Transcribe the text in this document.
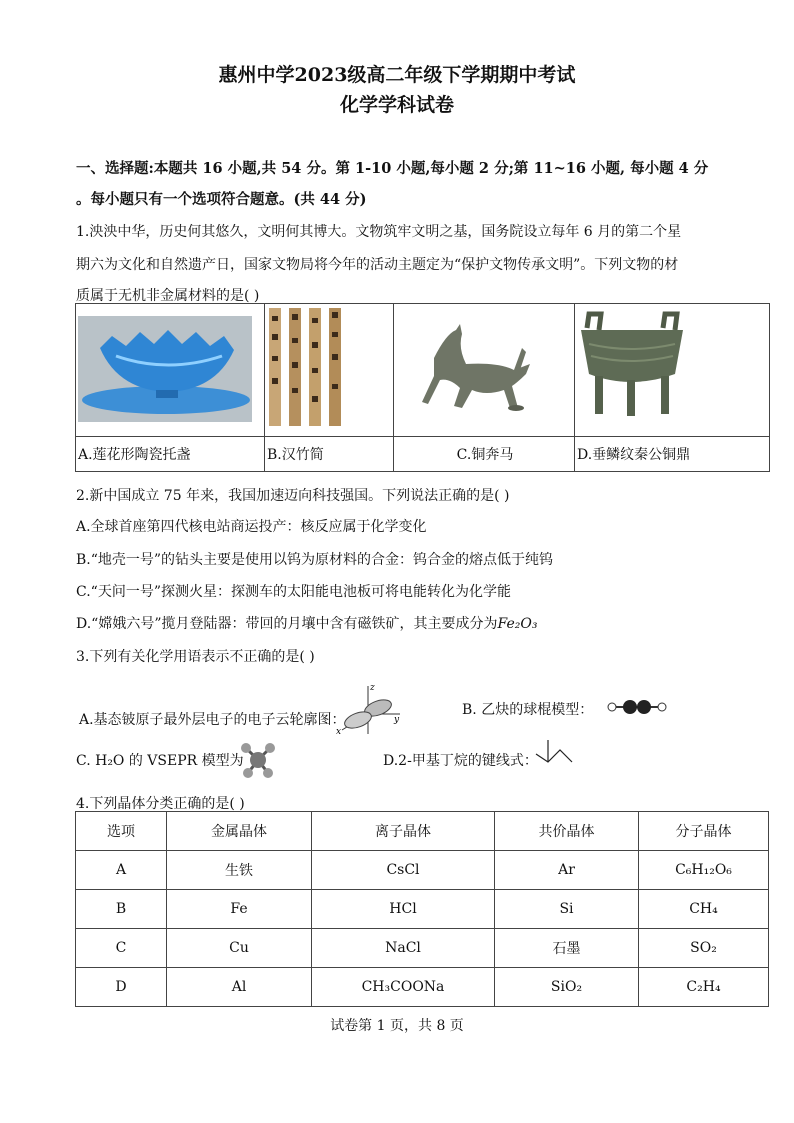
惠州中学2023级高二年级下学期期中考试
化学学科试卷
一、选择题:本题共 16 小题,共 54 分。第 1-10 小题,每小题 2 分;第 11~16 小题, 每小题 4 分
。每小题只有一个选项符合题意。(共 44 分)
1.泱泱中华，历史何其悠久，文明何其博大。文物筑牢文明之基，国务院设立每年 6 月的第二个星
期六为文化和自然遗产日，国家文物局将今年的活动主题定为“保护文物传承文明”。下列文物的材
质属于无机非金属材料的是( )

A.莲花形陶瓷托盏	B.汉竹简	C.铜奔马	D.垂鳞纹秦公铜鼎
2.新中国成立 75 年来，我国加速迈向科技强国。下列说法正确的是( )
A.全球首座第四代核电站商运投产：核反应属于化学变化
B.“地壳一号”的钻头主要是使用以钨为原材料的合金：钨合金的熔点低于纯钨
C.“天问一号”探测火星：探测车的太阳能电池板可将电能转化为化学能
D.“嫦娥六号”揽月登陆器：带回的月壤中含有磁铁矿，其主要成分为Fe₂O₃
3.下列有关化学用语表示不正确的是( )
A.基态铍原子最外层电子的电子云轮廓图：
z
y
x
B. 乙炔的球棍模型：
C. H₂O 的 VSEPR 模型为	D.2-甲基丁烷的键线式：
4.下列晶体分类正确的是( )
选项	金属晶体	离子晶体	共价晶体	分子晶体
A	生铁	CsCl	Ar	C₆H₁₂O₆
B	Fe	HCl	Si	CH₄
C	Cu	NaCl	石墨	SO₂
D	Al	CH₃COONa	SiO₂	C₂H₄
试卷第 1 页，共 8 页
